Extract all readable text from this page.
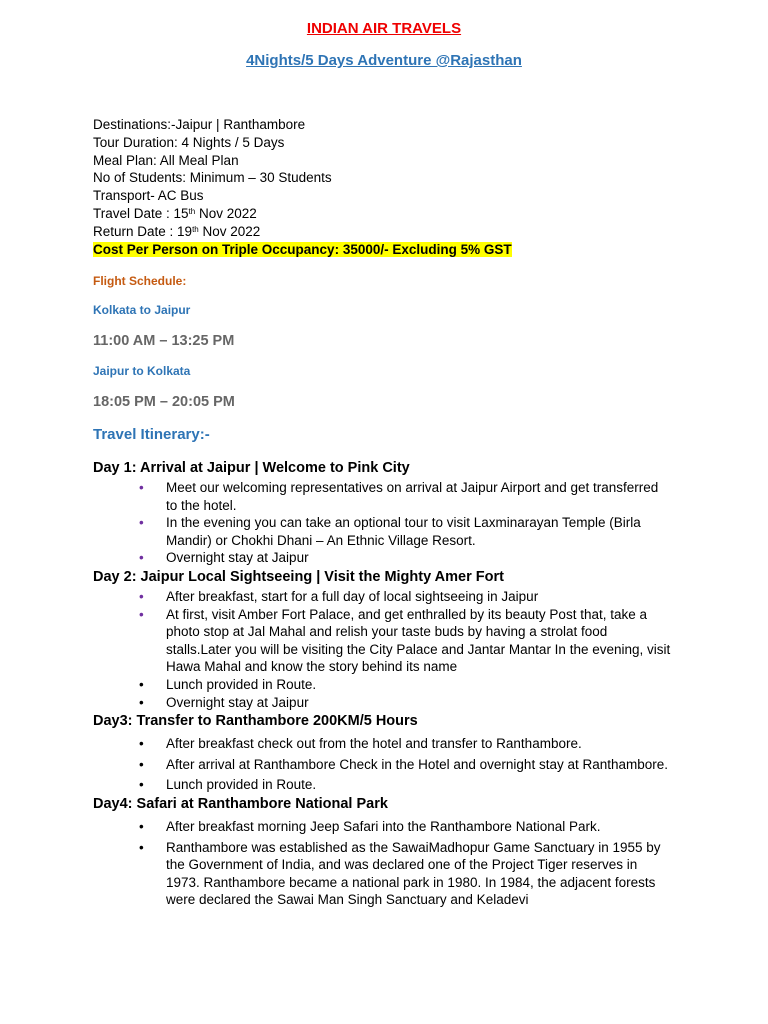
INDIAN AIR TRAVELS
4Nights/5 Days Adventure @Rajasthan
Destinations:-Jaipur | Ranthambore
Tour Duration: 4 Nights / 5 Days
Meal Plan: All Meal Plan
No of Students: Minimum – 30 Students
Transport- AC Bus
Travel Date : 15th Nov 2022
Return Date : 19th Nov 2022
Cost Per Person on Triple Occupancy: 35000/- Excluding 5% GST
Flight Schedule:
Kolkata to Jaipur
11:00 AM – 13:25 PM
Jaipur to Kolkata
18:05 PM – 20:05 PM
Travel Itinerary:-
Day 1: Arrival at Jaipur | Welcome to Pink City
• Meet our welcoming representatives on arrival at Jaipur Airport and get transferred to the hotel.
• In the evening you can take an optional tour to visit Laxminarayan Temple (Birla Mandir) or Chokhi Dhani – An Ethnic Village Resort.
• Overnight stay at Jaipur
Day 2: Jaipur Local Sightseeing | Visit the Mighty Amer Fort
• After breakfast, start for a full day of local sightseeing in Jaipur
• At first, visit Amber Fort Palace, and get enthralled by its beauty Post that, take a photo stop at Jal Mahal and relish your taste buds by having a strolat food stalls.Later you will be visiting the City Palace and Jantar Mantar In the evening, visit Hawa Mahal and know the story behind its name
• Lunch provided in Route.
• Overnight stay at Jaipur
Day3: Transfer to Ranthambore 200KM/5 Hours
• After breakfast check out from the hotel and transfer to Ranthambore.
• After arrival at Ranthambore Check in the Hotel and overnight stay at Ranthambore.
• Lunch provided in Route.
Day4: Safari at Ranthambore National Park
• After breakfast morning Jeep Safari into the Ranthambore National Park.
• Ranthambore was established as the SawaiMadhopur Game Sanctuary in 1955 by the Government of India, and was declared one of the Project Tiger reserves in 1973. Ranthambore became a national park in 1980. In 1984, the adjacent forests were declared the Sawai Man Singh Sanctuary and Keladevi
